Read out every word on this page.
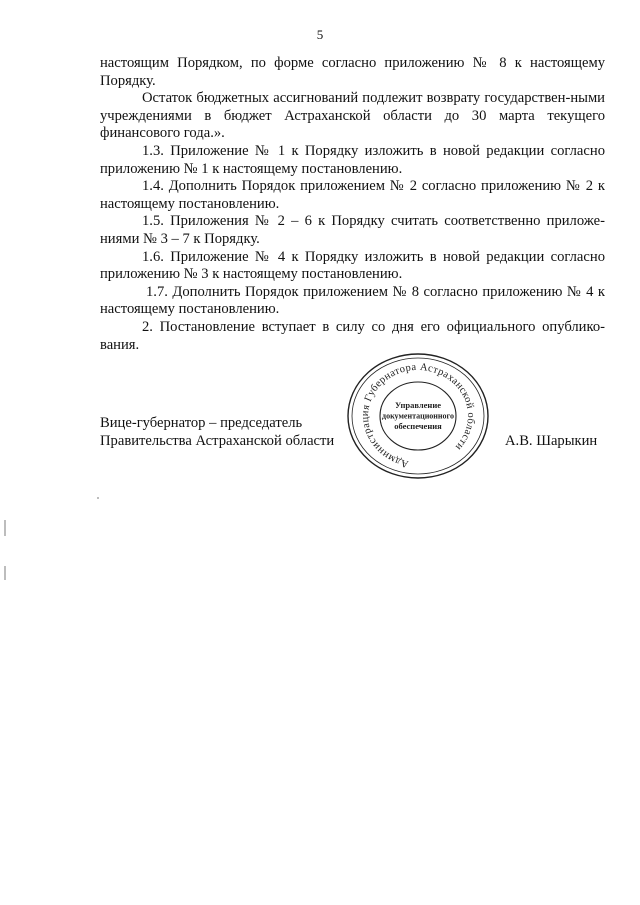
5

настоящим Порядком, по форме согласно приложению № 8 к настоящему Порядку.

Остаток бюджетных ассигнований подлежит возврату государствен-ными учреждениями в бюджет Астраханской области до 30 марта текущего финансового года.».

1.3. Приложение № 1 к Порядку изложить в новой редакции согласно приложению № 1 к настоящему постановлению.

1.4. Дополнить Порядок приложением № 2 согласно приложению № 2 к настоящему постановлению.

1.5. Приложения № 2 – 6 к Порядку считать соответственно приложе-ниями № 3 – 7 к Порядку.

1.6. Приложение № 4 к Порядку изложить в новой редакции согласно приложению № 3 к настоящему постановлению.

1.7. Дополнить Порядок приложением № 8 согласно приложению № 4 к настоящему постановлению.

2. Постановление вступает в силу со дня его официального опублико-вания.

Вице-губернатор – председатель
Правительства Астраханской области
Администрация Губернатора Астраханской области
Управление
документационного
обеспечения
А.В. Шарыкин
